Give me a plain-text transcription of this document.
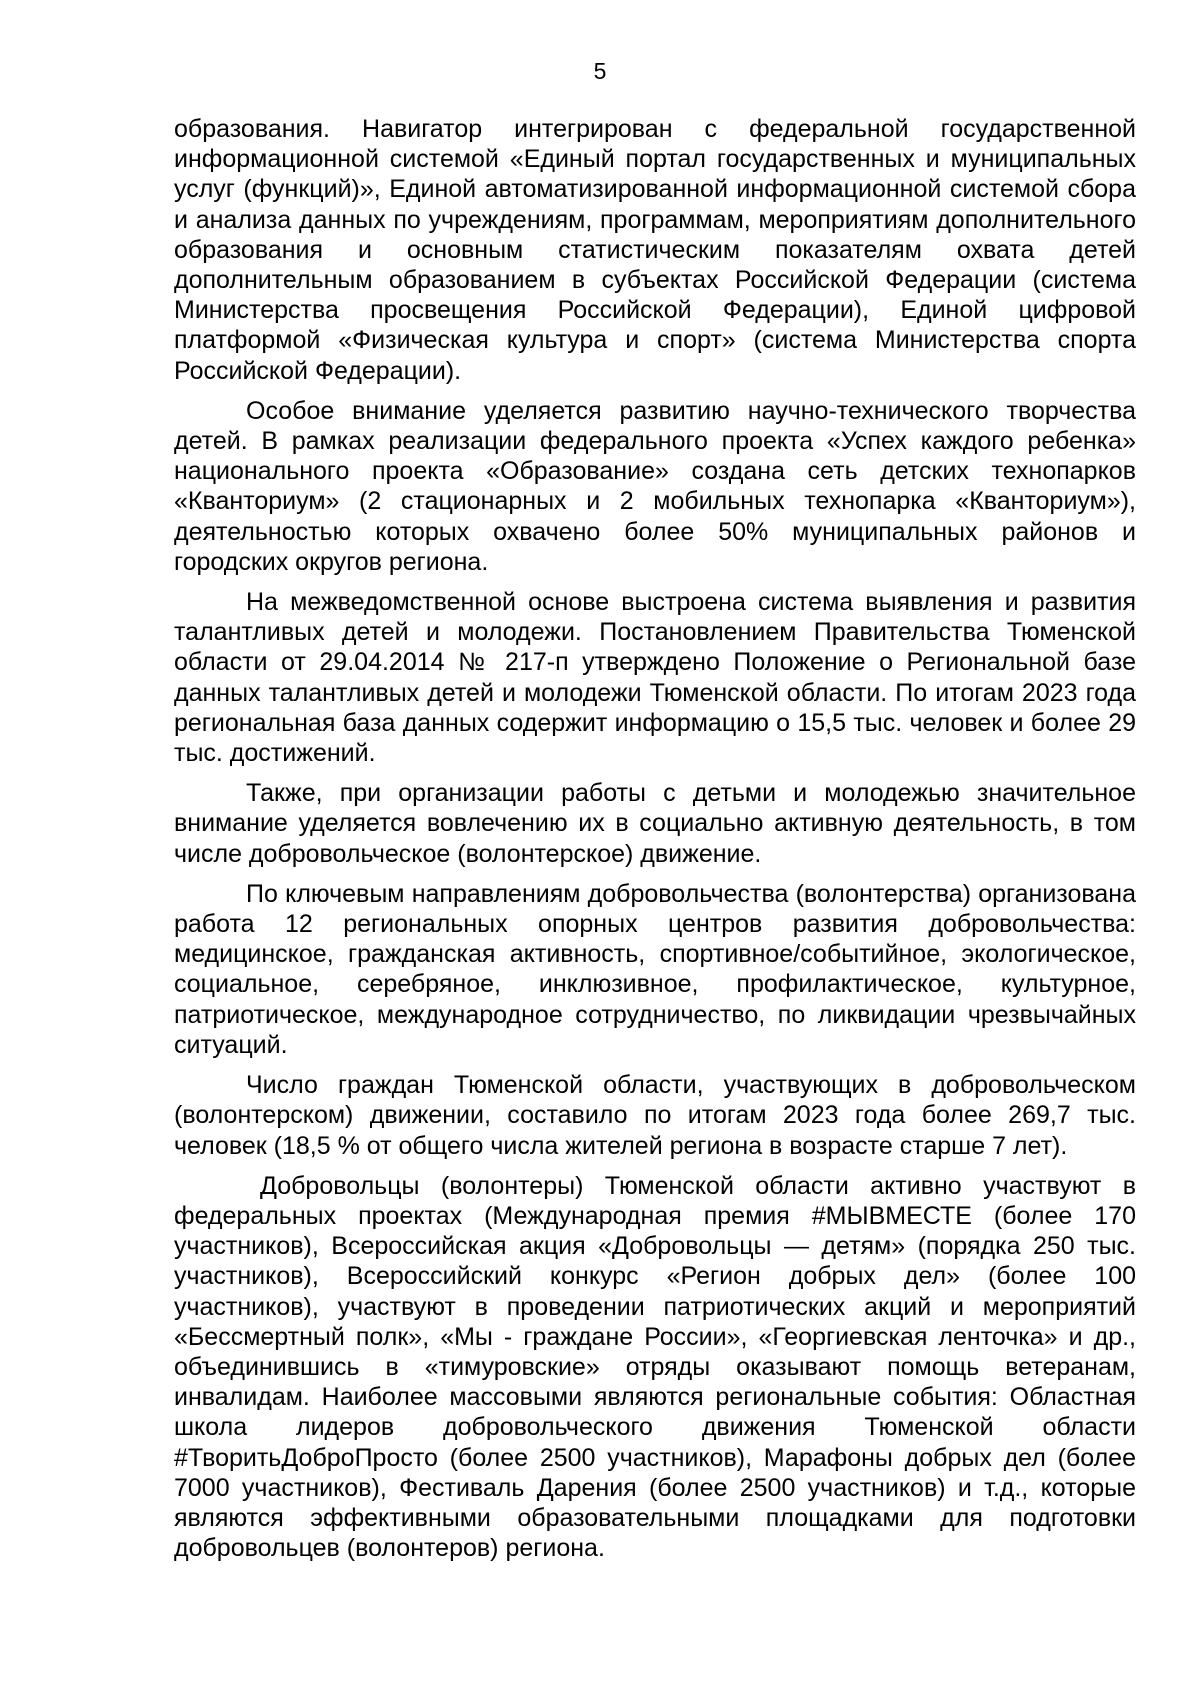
5

образования. Навигатор интегрирован с федеральной государственной информационной системой «Единый портал государственных и муниципальных услуг (функций)», Единой автоматизированной информационной системой сбора и анализа данных по учреждениям, программам, мероприятиям дополнительного образования и основным статистическим показателям охвата детей дополнительным образованием в субъектах Российской Федерации (система Министерства просвещения Российской Федерации), Единой цифровой платформой «Физическая культура и спорт» (система Министерства спорта Российской Федерации).

Особое внимание уделяется развитию научно-технического творчества детей. В рамках реализации федерального проекта «Успех каждого ребенка» национального проекта «Образование» создана сеть детских технопарков «Кванториум» (2 стационарных и 2 мобильных технопарка «Кванториум»), деятельностью которых охвачено более 50% муниципальных районов и городских округов региона.

На межведомственной основе выстроена система выявления и развития талантливых детей и молодежи. Постановлением Правительства Тюменской области от 29.04.2014 № 217-п утверждено Положение о Региональной базе данных талантливых детей и молодежи Тюменской области. По итогам 2023 года региональная база данных содержит информацию о 15,5 тыс. человек и более 29 тыс. достижений.

Также, при организации работы с детьми и молодежью значительное внимание уделяется вовлечению их в социально активную деятельность, в том числе добровольческое (волонтерское) движение.

По ключевым направлениям добровольчества (волонтерства) организована работа 12 региональных опорных центров развития добровольчества: медицинское, гражданская активность, спортивное/событийное, экологическое, социальное, серебряное, инклюзивное, профилактическое, культурное, патриотическое, международное сотрудничество, по ликвидации чрезвычайных ситуаций.

Число граждан Тюменской области, участвующих в добровольческом (волонтерском) движении, составило по итогам 2023 года более 269,7 тыс. человек (18,5 % от общего числа жителей региона в возрасте старше 7 лет).

Добровольцы (волонтеры) Тюменской области активно участвуют в федеральных проектах (Международная премия #МЫВМЕСТЕ (более 170 участников), Всероссийская акция «Добровольцы — детям» (порядка 250 тыс. участников), Всероссийский конкурс «Регион добрых дел» (более 100 участников), участвуют в проведении патриотических акций и мероприятий «Бессмертный полк», «Мы - граждане России», «Георгиевская ленточка» и др., объединившись в «тимуровские» отряды оказывают помощь ветеранам, инвалидам. Наиболее массовыми являются региональные события: Областная школа лидеров добровольческого движения Тюменской области #ТворитьДоброПросто (более 2500 участников), Марафоны добрых дел (более 7000 участников), Фестиваль Дарения (более 2500 участников) и т.д., которые являются эффективными образовательными площадками для подготовки добровольцев (волонтеров) региона.
